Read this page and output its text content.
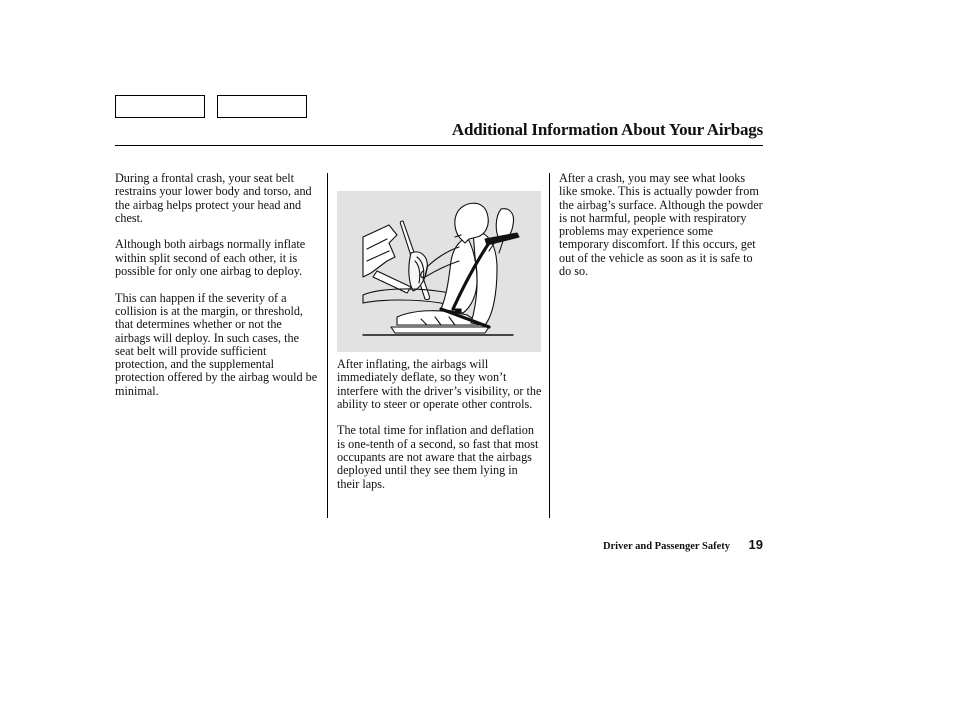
Additional Information About Your Airbags

During a frontal crash, your seat belt restrains your lower body and torso, and the airbag helps protect your head and chest.

Although both airbags normally inflate within split second of each other, it is possible for only one airbag to deploy.

This can happen if the severity of a collision is at the margin, or threshold, that determines whether or not the airbags will deploy. In such cases, the seat belt will provide sufficient protection, and the supplemental protection offered by the airbag would be minimal.

After inflating, the airbags will immediately deflate, so they won’t interfere with the driver’s visibility, or the ability to steer or operate other controls.

The total time for inflation and deflation is one-tenth of a second, so fast that most occupants are not aware that the airbags deployed until they see them lying in their laps.

After a crash, you may see what looks like smoke. This is actually powder from the airbag’s surface. Although the powder is not harmful, people with respiratory problems may experience some temporary discomfort. If this occurs, get out of the vehicle as soon as it is safe to do so.

Driver and Passenger Safety 19
